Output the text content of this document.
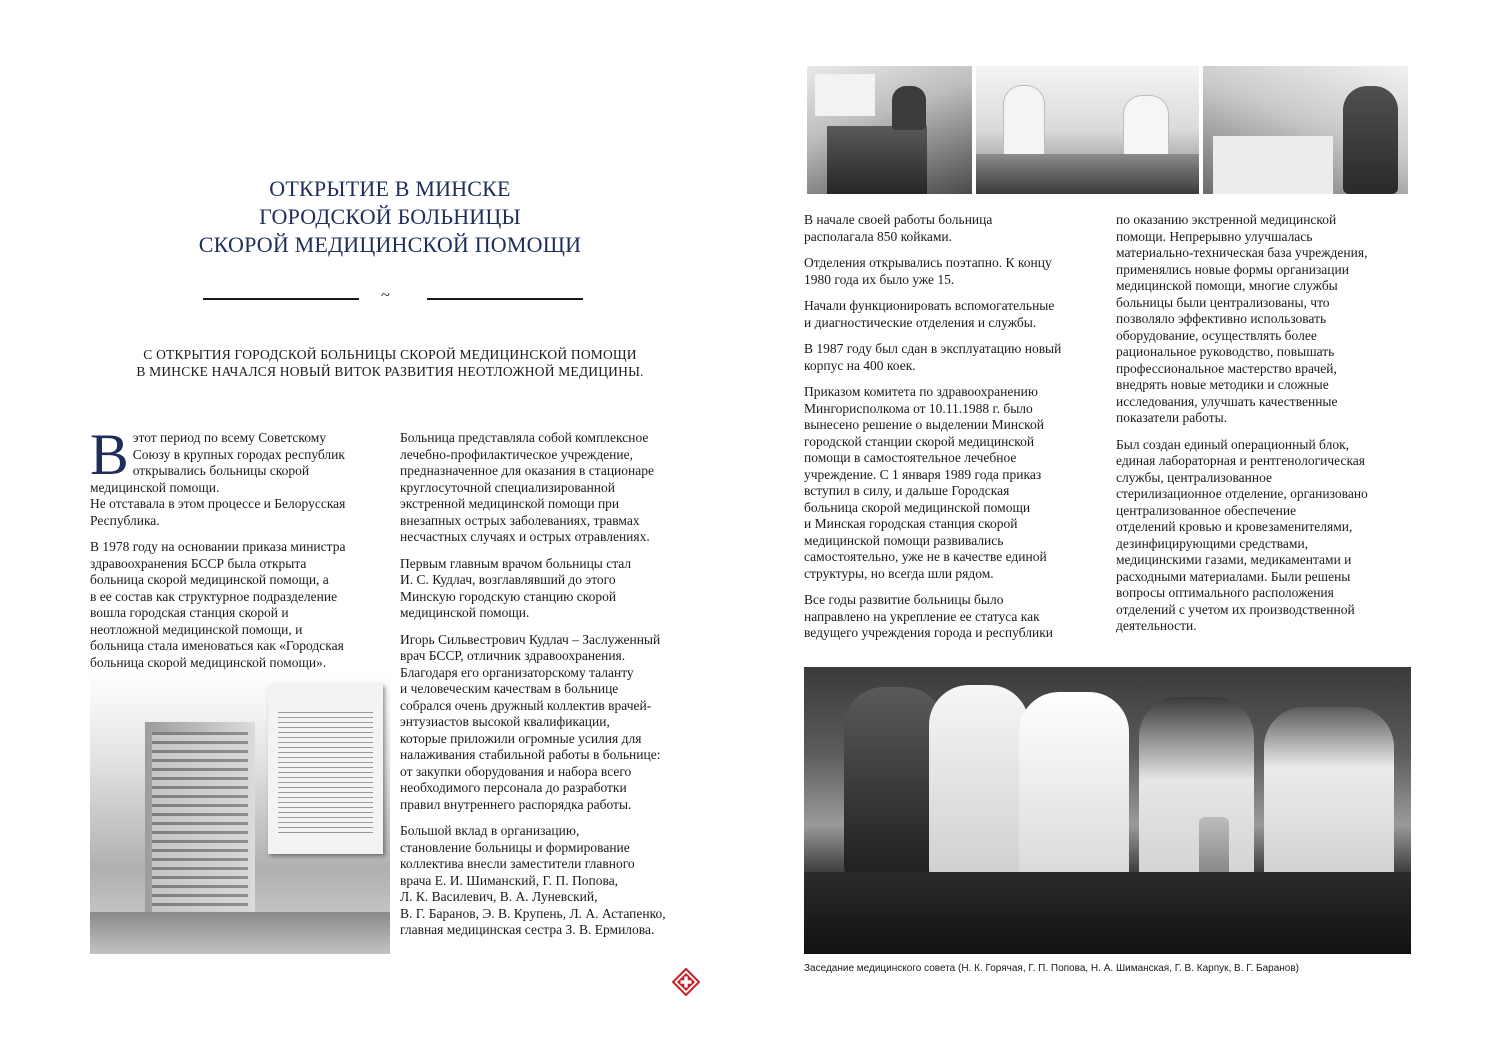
ОТКРЫТИЕ В МИНСКЕ
ГОРОДСКОЙ БОЛЬНИЦЫ
СКОРОЙ МЕДИЦИНСКОЙ ПОМОЩИ
~
С ОТКРЫТИЯ ГОРОДСКОЙ БОЛЬНИЦЫ СКОРОЙ МЕДИЦИНСКОЙ ПОМОЩИ
В МИНСКЕ НАЧАЛСЯ НОВЫЙ ВИТОК РАЗВИТИЯ НЕОТЛОЖНОЙ МЕДИЦИНЫ.

В этот период по всему Советскому
Союзу в крупных городах республик
открывались больницы скорой
медицинской помощи.
Не отставала в этом процессе и Белорусская
Республика.

В 1978 году на основании приказа министра
здравоохранения БССР была открыта
больница скорой медицинской помощи, а
в ее состав как структурное подразделение
вошла городская станция скорой и
неотложной медицинской помощи, и
больница стала именоваться как «Городская
больница скорой медицинской помощи».

Больница представляла собой комплексное
лечебно-профилактическое учреждение,
предназначенное для оказания в стационаре
круглосуточной специализированной
экстренной медицинской помощи при
внезапных острых заболеваниях, травмах
несчастных случаях и острых отравлениях.

Первым главным врачом больницы стал
И. С. Кудлач, возглавлявший до этого
Минскую городскую станцию скорой
медицинской помощи.

Игорь Сильвестрович Кудлач – Заслуженный
врач БССР, отличник здравоохранения.
Благодаря его организаторскому таланту
и человеческим качествам в больнице
собрался очень дружный коллектив врачей-
энтузиастов высокой квалификации,
которые приложили огромные усилия для
налаживания стабильной работы в больнице:
от закупки оборудования и набора всего
необходимого персонала до разработки
правил внутреннего распорядка работы.

Большой вклад в организацию,
становление больницы и формирование
коллектива внесли заместители главного
врача Е. И. Шиманский, Г. П. Попова,
Л. К. Василевич, В. А. Луневский,
В. Г. Баранов, Э. В. Крупень, Л. А. Астапенко,
главная медицинская сестра З. В. Ермилова.

В начале своей работы больница
располагала 850 койками.

Отделения открывались поэтапно. К концу
1980 года их было уже 15.

Начали функционировать вспомогательные
и диагностические отделения и службы.

В 1987 году был сдан в эксплуатацию новый
корпус на 400 коек.

Приказом комитета по здравоохранению
Мингорисполкома от 10.11.1988 г. было
вынесено решение о выделении Минской
городской станции скорой медицинской
помощи в самостоятельное лечебное
учреждение. С 1 января 1989 года приказ
вступил в силу, и дальше Городская
больница скорой медицинской помощи
и Минская городская станция скорой
медицинской помощи развивались
самостоятельно, уже не в качестве единой
структуры, но всегда шли рядом.

Все годы развитие больницы было
направлено на укрепление ее статуса как
ведущего учреждения города и республики

по оказанию экстренной медицинской
помощи. Непрерывно улучшалась
материально-техническая база учреждения,
применялись новые формы организации
медицинской помощи, многие службы
больницы были централизованы, что
позволяло эффективно использовать
оборудование, осуществлять более
рациональное руководство, повышать
профессиональное мастерство врачей,
внедрять новые методики и сложные
исследования, улучшать качественные
показатели работы.

Был создан единый операционный блок,
единая лабораторная и рентгенологическая
службы, централизованное
стерилизационное отделение, организовано
централизованное обеспечение
отделений кровью и кровезаменителями,
дезинфицирующими средствами,
медицинскими газами, медикаментами и
расходными материалами. Были решены
вопросы оптимального расположения
отделений с учетом их производственной
деятельности.

Заседание медицинского совета (Н. К. Горячая, Г. П. Попова, Н. А. Шиманская, Г. В. Карпук, В. Г. Баранов)
